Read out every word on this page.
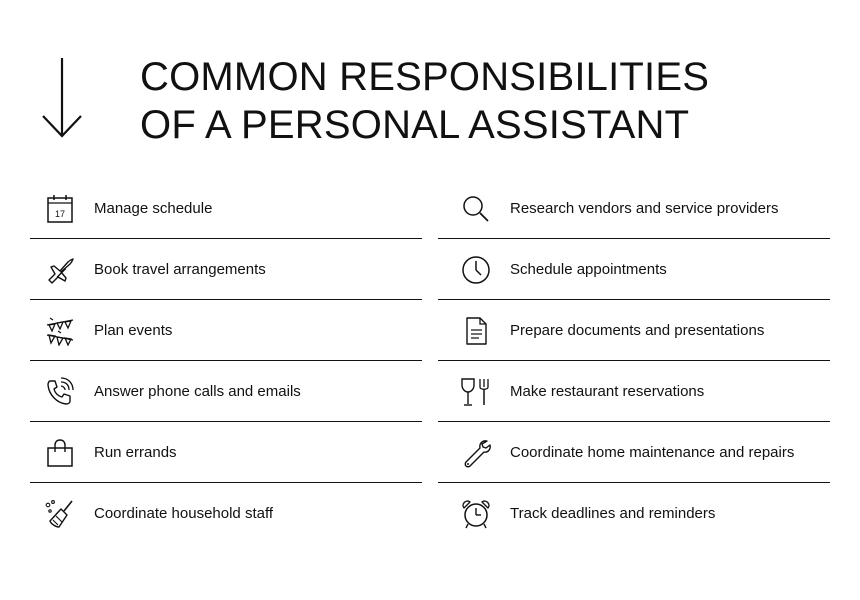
COMMON RESPONSIBILITIES
OF A PERSONAL ASSISTANT
17 Manage schedule
Book travel arrangements
Plan events
Answer phone calls and emails
Run errands
Coordinate household staff
Research vendors and service providers
Schedule appointments
Prepare documents and presentations
Make restaurant reservations
Coordinate home maintenance and repairs
Track deadlines and reminders
